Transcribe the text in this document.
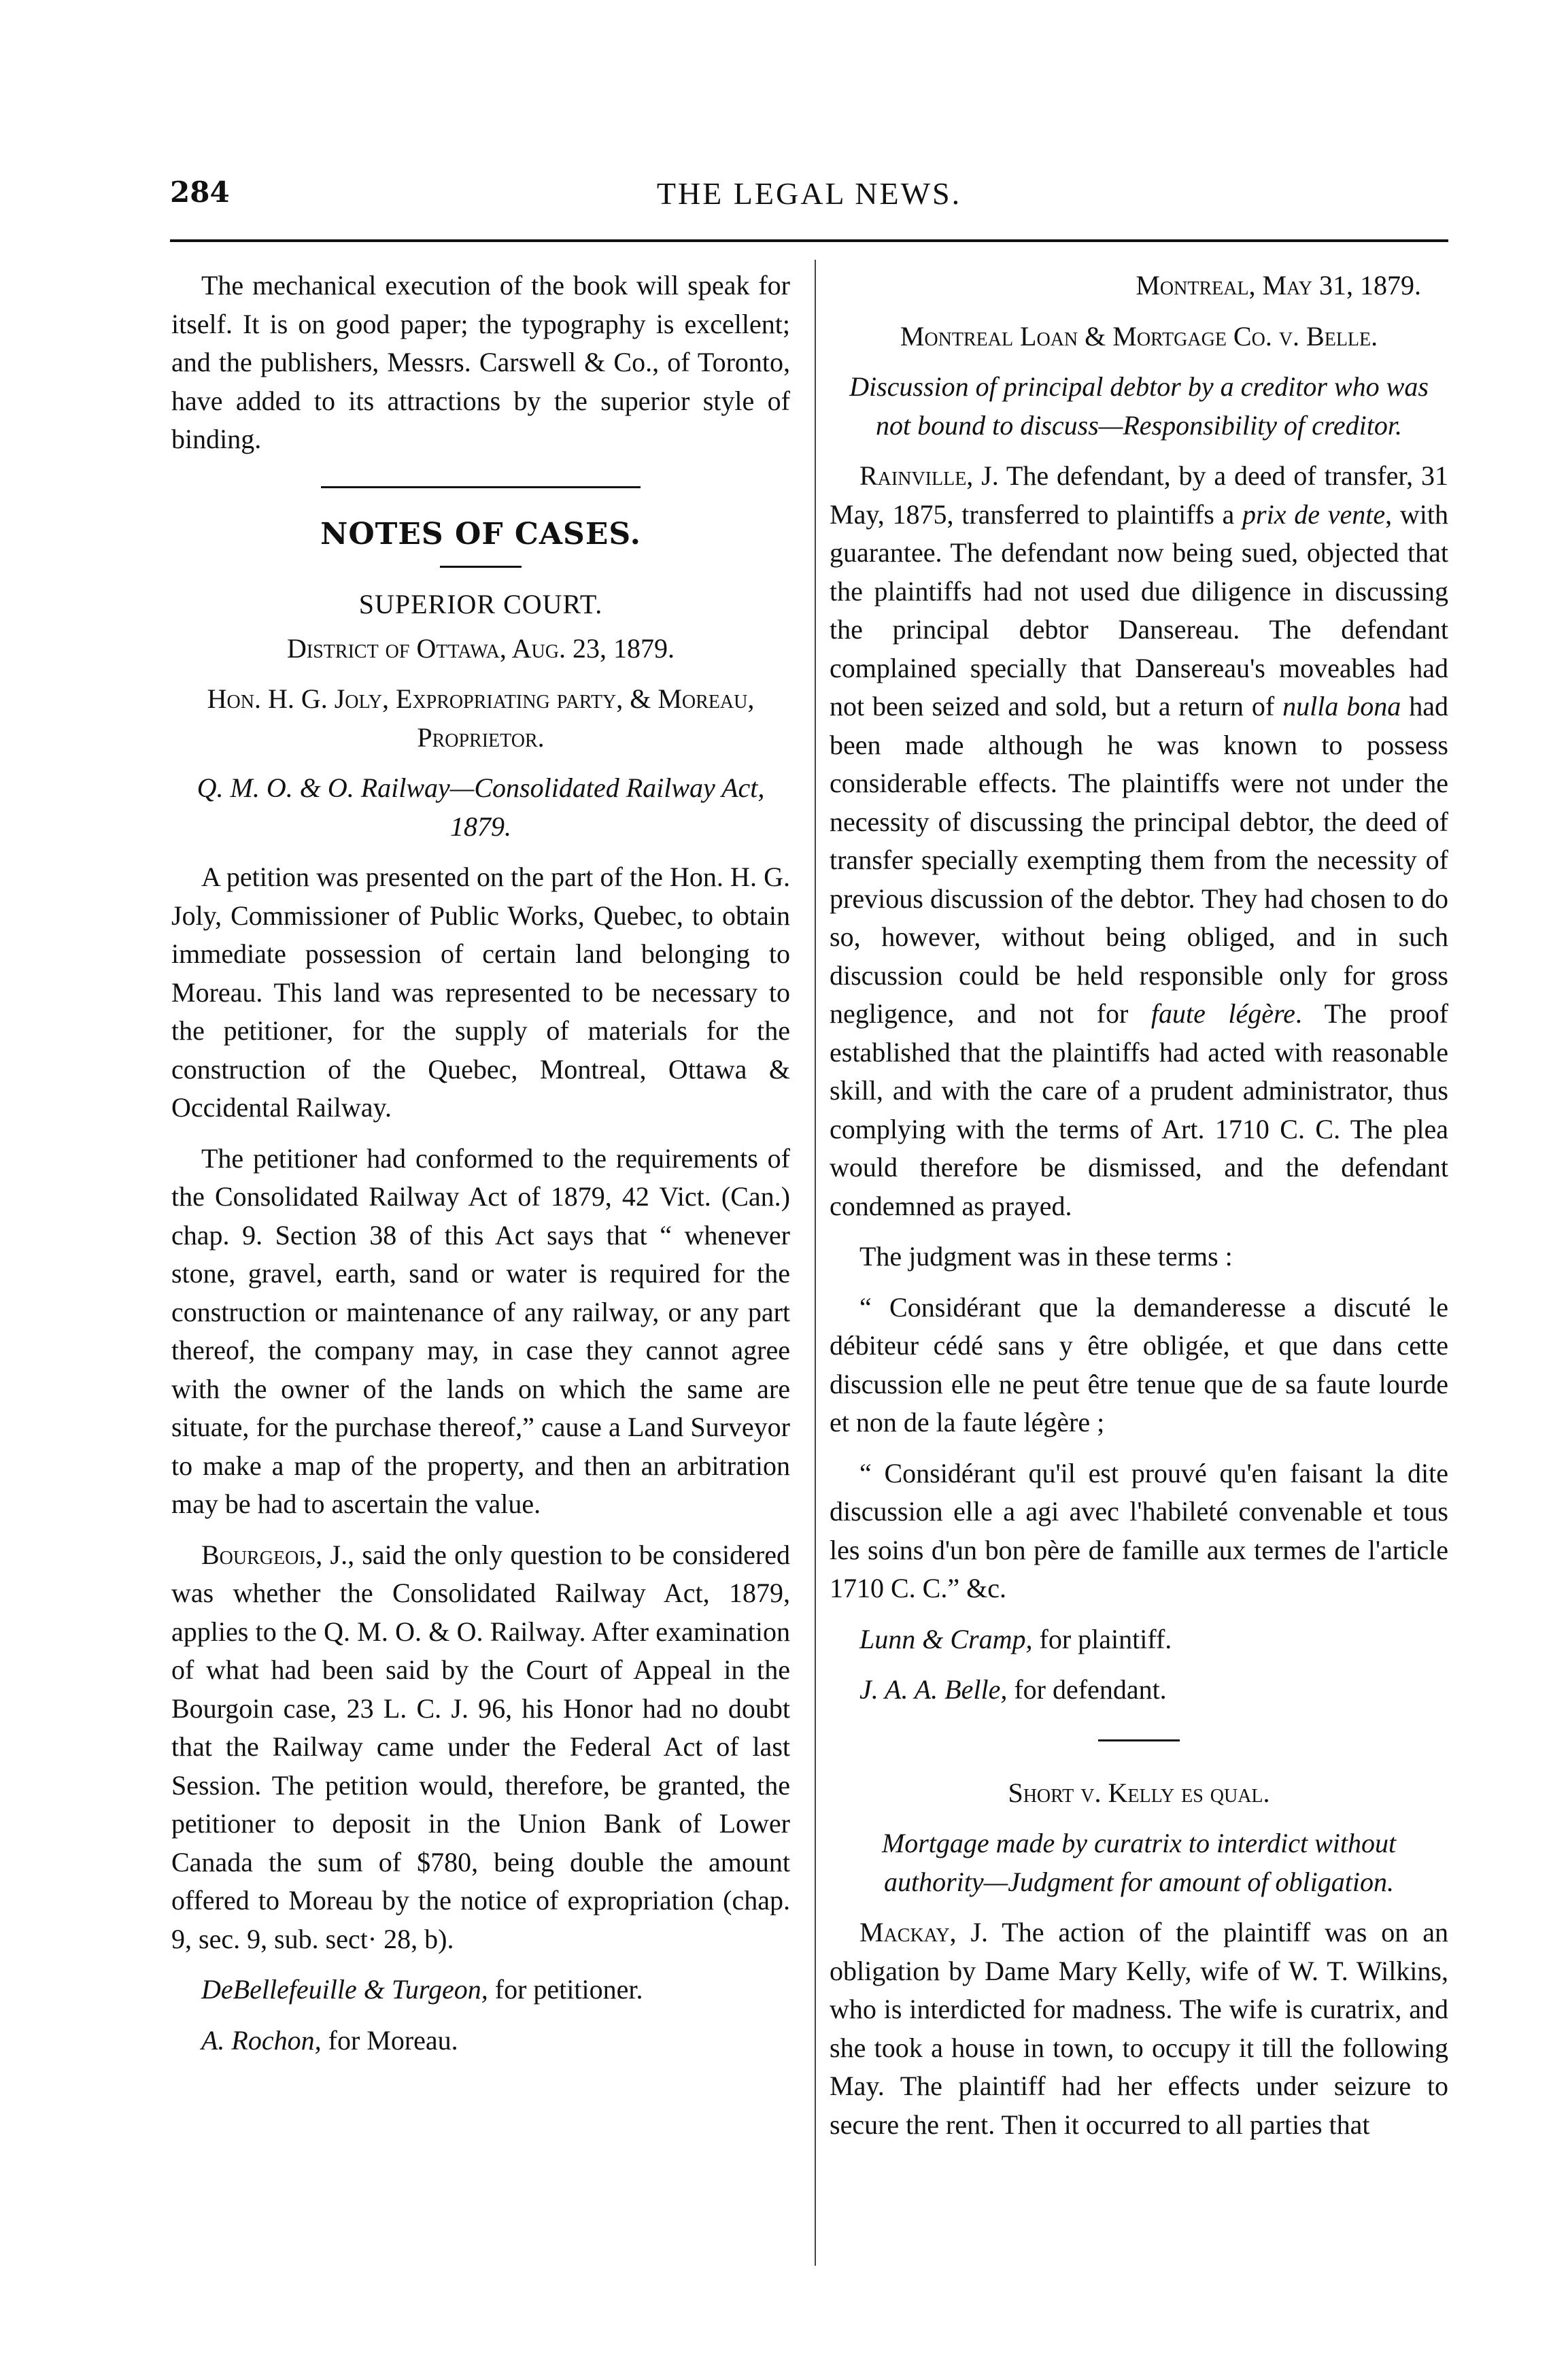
284	THE LEGAL NEWS.

The mechanical execution of the book will speak for itself. It is on good paper; the typography is excellent; and the publishers, Messrs. Carswell & Co., of Toronto, have added to its attractions by the superior style of binding.

NOTES OF CASES.
SUPERIOR COURT.

District of Ottawa, Aug. 23, 1879.

Hon. H. G. Joly, Expropriating party, & Moreau, Proprietor.

Q. M. O. & O. Railway—Consolidated Railway Act, 1879.

A petition was presented on the part of the Hon. H. G. Joly, Commissioner of Public Works, Quebec, to obtain immediate possession of certain land belonging to Moreau. This land was represented to be necessary to the petitioner, for the supply of materials for the construction of the Quebec, Montreal, Ottawa & Occidental Railway.

The petitioner had conformed to the requirements of the Consolidated Railway Act of 1879, 42 Vict. (Can.) chap. 9. Section 38 of this Act says that “ whenever stone, gravel, earth, sand or water is required for the construction or maintenance of any railway, or any part thereof, the company may, in case they cannot agree with the owner of the lands on which the same are situate, for the purchase thereof,” cause a Land Surveyor to make a map of the property, and then an arbitration may be had to ascertain the value.

Bourgeois, J., said the only question to be considered was whether the Consolidated Railway Act, 1879, applies to the Q. M. O. & O. Railway. After examination of what had been said by the Court of Appeal in the Bourgoin case, 23 L. C. J. 96, his Honor had no doubt that the Railway came under the Federal Act of last Session. The petition would, therefore, be granted, the petitioner to deposit in the Union Bank of Lower Canada the sum of $780, being double the amount offered to Moreau by the notice of expropriation (chap. 9, sec. 9, sub. sect· 28, b).

DeBellefeuille & Turgeon, for petitioner.

A. Rochon, for Moreau.

Montreal, May 31, 1879.

Montreal Loan & Mortgage Co. v. Belle.

Discussion of principal debtor by a creditor who was not bound to discuss—Responsibility of creditor.

Rainville, J. The defendant, by a deed of transfer, 31 May, 1875, transferred to plaintiffs a prix de vente, with guarantee. The defendant now being sued, objected that the plaintiffs had not used due diligence in discussing the principal debtor Dansereau. The defendant complained specially that Dansereau's moveables had not been seized and sold, but a return of nulla bona had been made although he was known to possess considerable effects. The plaintiffs were not under the necessity of discussing the principal debtor, the deed of transfer specially exempting them from the necessity of previous discussion of the debtor. They had chosen to do so, however, without being obliged, and in such discussion could be held responsible only for gross negligence, and not for faute légère. The proof established that the plaintiffs had acted with reasonable skill, and with the care of a prudent administrator, thus complying with the terms of Art. 1710 C. C. The plea would therefore be dismissed, and the defendant condemned as prayed.

The judgment was in these terms :

“ Considérant que la demanderesse a discuté le débiteur cédé sans y être obligée, et que dans cette discussion elle ne peut être tenue que de sa faute lourde et non de la faute légère ;

“ Considérant qu'il est prouvé qu'en faisant la dite discussion elle a agi avec l'habileté convenable et tous les soins d'un bon père de famille aux termes de l'article 1710 C. C.” &c.

Lunn & Cramp, for plaintiff.

J. A. A. Belle, for defendant.

Short v. Kelly es qual.

Mortgage made by curatrix to interdict without authority—Judgment for amount of obligation.

Mackay, J. The action of the plaintiff was on an obligation by Dame Mary Kelly, wife of W. T. Wilkins, who is interdicted for madness. The wife is curatrix, and she took a house in town, to occupy it till the following May. The plaintiff had her effects under seizure to secure the rent. Then it occurred to all parties that
